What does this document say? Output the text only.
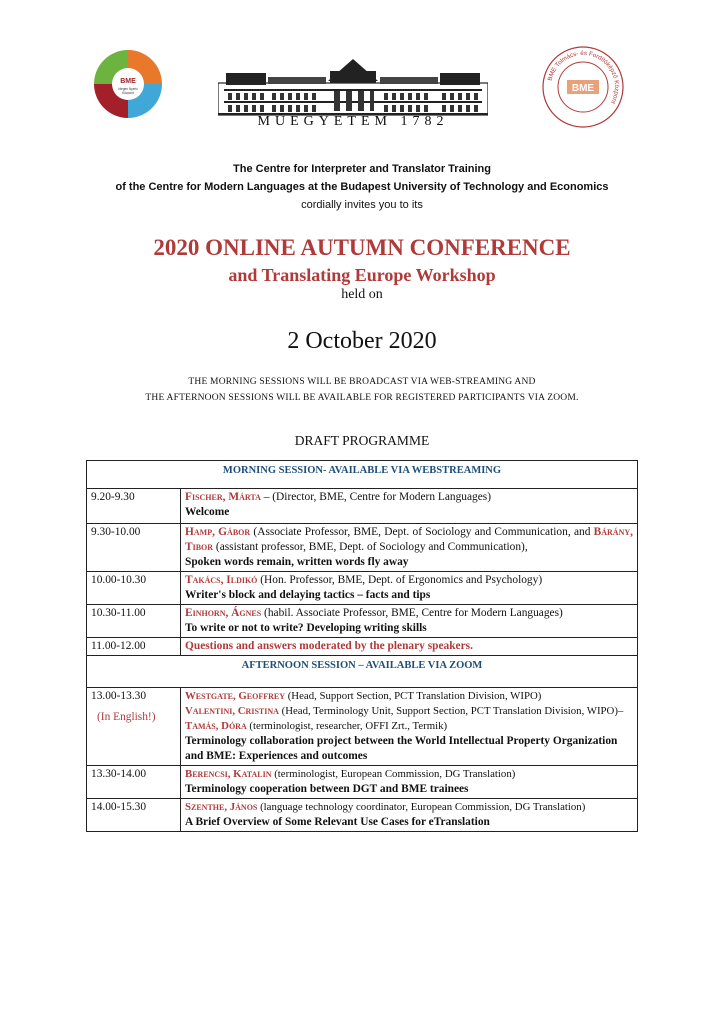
BME
Idegen Nyelvi
Központ
MŰEGYETEM 1782
BME Tolmács- és Fordítóképző Központ
BME
The Centre for Interpreter and Translator Training
of the Centre for Modern Languages at the Budapest University of Technology and Economics
cordially invites you to its
2020 ONLINE AUTUMN CONFERENCE
and Translating Europe Workshop
held on
2 October 2020
THE MORNING SESSIONS WILL BE BROADCAST VIA WEB-STREAMING AND
THE AFTERNOON SESSIONS WILL BE AVAILABLE FOR REGISTERED PARTICIPANTS VIA ZOOM.
DRAFT PROGRAMME
MORNING SESSION- AVAILABLE VIA WEBSTREAMING	
9.20-9.30	Fischer, Márta – (Director, BME, Centre for Modern Languages)
Welcome
9.30-10.00	Hamp, Gábor (Associate Professor, BME, Dept. of Sociology and Communication, and Bárány, Tibor (assistant professor, BME, Dept. of Sociology and Communication),
Spoken words remain, written words fly away
10.00-10.30	Takács, Ildikó (Hon. Professor, BME, Dept. of Ergonomics and Psychology)
Writer's block and delaying tactics – facts and tips
10.30-11.00	Einhorn, Ágnes (habil. Associate Professor, BME, Centre for Modern Languages)
To write or not to write? Developing writing skills
11.00-12.00	Questions and answers moderated by the plenary speakers.
AFTERNOON SESSION – AVAILABLE VIA ZOOM	
13.00-13.30
(In English!)	Westgate, Geoffrey (Head, Support Section, PCT Translation Division, WIPO)
Valentini, Cristina (Head, Terminology Unit, Support Section, PCT Translation Division, WIPO)– Tamás, Dóra (terminologist, researcher, OFFI Zrt., Termik)
Terminology collaboration project between the World Intellectual Property Organization and BME: Experiences and outcomes
13.30-14.00	Berencsi, Katalin (terminologist, European Commission, DG Translation)
Terminology cooperation between DGT and BME trainees
14.00-15.30	Szenthe, János (language technology coordinator, European Commission, DG Translation)
A Brief Overview of Some Relevant Use Cases for eTranslation
